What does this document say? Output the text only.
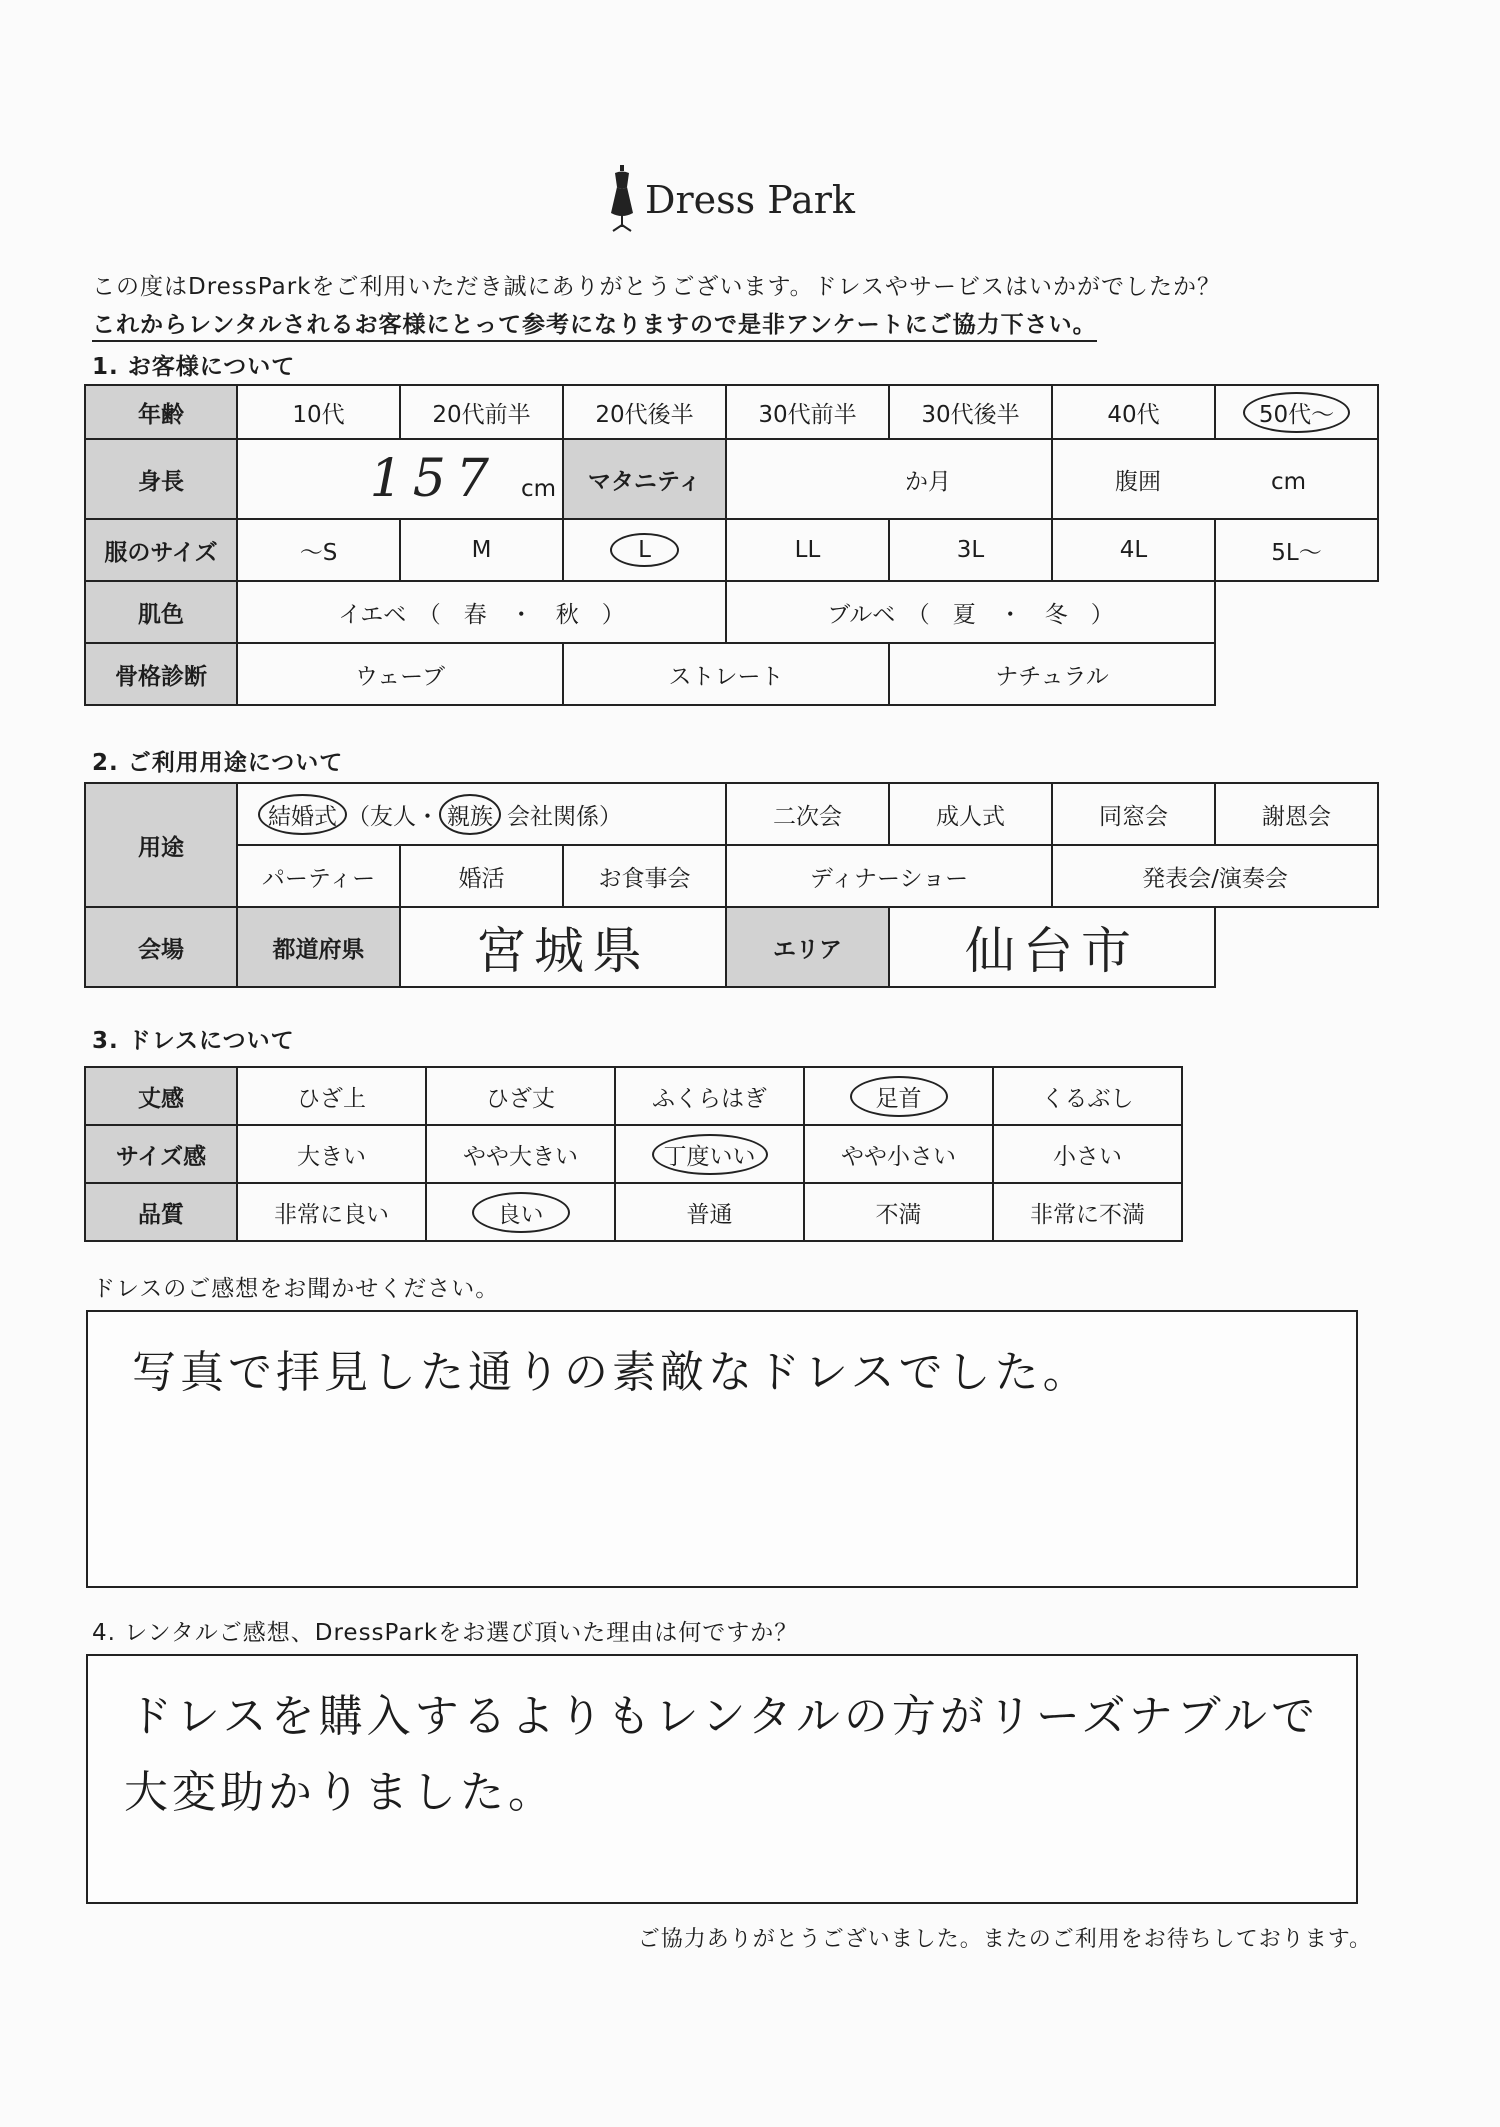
Dress Park
この度はDressParkをご利用いただき誠にありがとうございます。ドレスやサービスはいかがでしたか？
これからレンタルされるお客様にとって参考になりますので是非アンケートにご協力下さい。
1. お客様について
年齢	10代	20代前半	20代後半	30代前半	30代後半	40代	50代～
身長	157 cm		マタニティ	か月		腹囲 cm	
服のサイズ	～S	M	L	LL	3L	4L	5L～
肌色	イエベ　（　春　・　秋　）			ブルベ　（　夏　・　冬　）			
骨格診断	ウェーブ		ストレート		ナチュラル		
2. ご利用用途について
用途	結婚式 （友人・ 親族 会社関係）			二次会	成人式	同窓会	謝恩会
	パーティー	婚活	お食事会	ディナーショー		発表会/演奏会	
会場	都道府県	宮城県		エリア	仙台市		
3. ドレスについて
丈感	ひざ上	ひざ丈	ふくらはぎ	足首	くるぶし
サイズ感	大きい	やや大きい	丁度いい	やや小さい	小さい
品質	非常に良い	良い	普通	不満	非常に不満
ドレスのご感想をお聞かせください。
写真で拝見した通りの素敵なドレスでした。
4. レンタルご感想、DressParkをお選び頂いた理由は何ですか？
ドレスを購入するよりもレンタルの方がリーズナブルで
大変助かりました。
ご協力ありがとうございました。またのご利用をお待ちしております。
